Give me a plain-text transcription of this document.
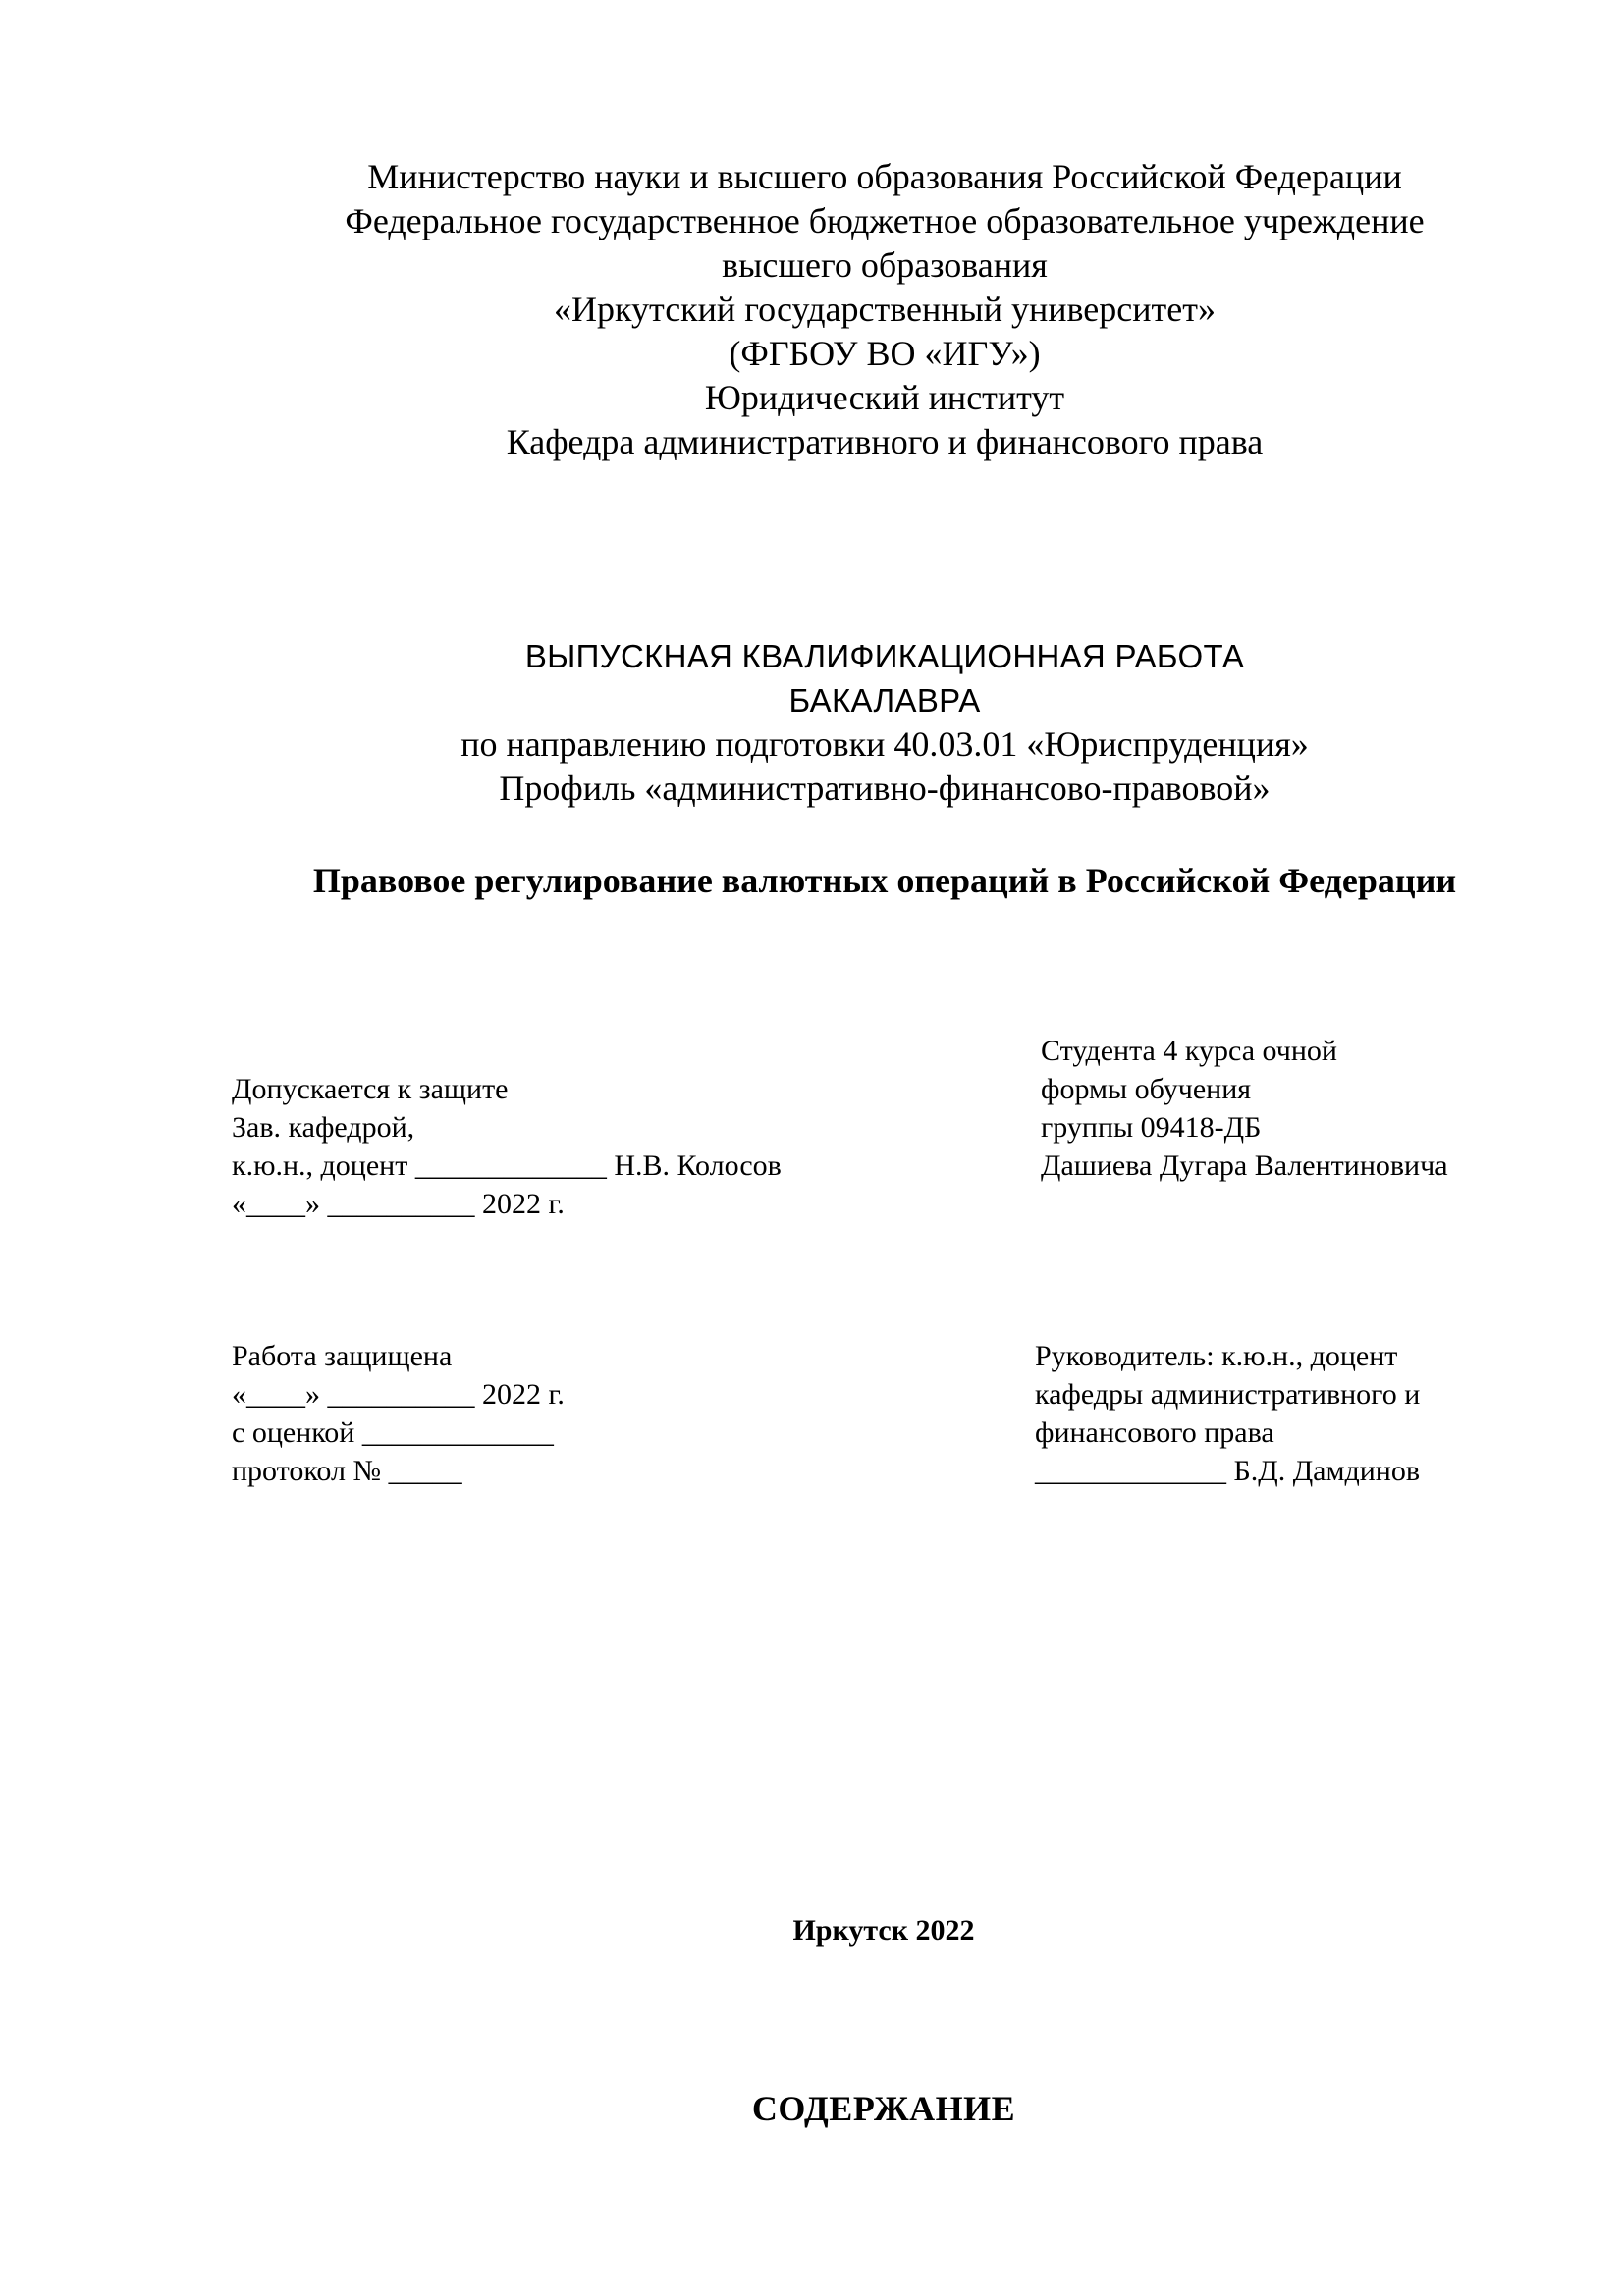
Министерство науки и высшего образования Российской Федерации
Федеральное государственное бюджетное образовательное учреждение
высшего образования
«Иркутский государственный университет»
(ФГБОУ ВО «ИГУ»)
Юридический институт
Кафедра административного и финансового права
ВЫПУСКНАЯ КВАЛИФИКАЦИОННАЯ РАБОТА
БАКАЛАВРА
по направлению подготовки 40.03.01 «Юриспруденция»
Профиль «административно-финансово-правовой»
Правовое регулирование валютных операций в Российской Федерации
Допускается к защите
Зав. кафедрой,
к.ю.н., доцент _____________ Н.В. Колосов
«____» __________ 2022 г.
Студента 4 курса очной
формы обучения
группы 09418-ДБ
Дашиева Дугара Валентиновича
Работа защищена
«____» __________ 2022 г.
с оценкой _____________
протокол № _____
Руководитель: к.ю.н., доцент
кафедры административного и
финансового права
_____________ Б.Д. Дамдинов
Иркутск 2022
СОДЕРЖАНИЕ
